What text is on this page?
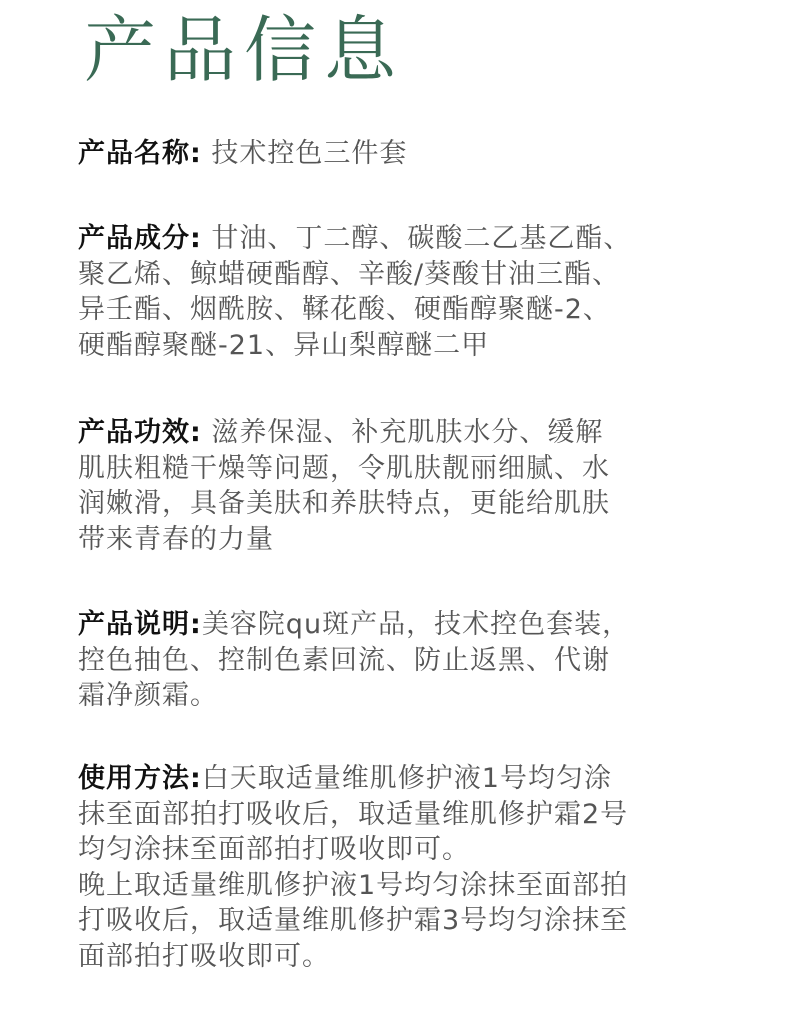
产品信息
产品名称: 技术控色三件套
产品成分: 甘油、丁二醇、碳酸二乙基乙酯、
聚乙烯、鲸蜡硬酯醇、辛酸/葵酸甘油三酯、
异壬酯、烟酰胺、鞣花酸、硬酯醇聚醚-2、
硬酯醇聚醚-21、异山梨醇醚二甲
产品功效: 滋养保湿、补充肌肤水分、缓解
肌肤粗糙干燥等问题，令肌肤靓丽细腻、水
润嫩滑，具备美肤和养肤特点，更能给肌肤
带来青春的力量
产品说明:美容院qu斑产品，技术控色套装，
控色抽色、控制色素回流、防止返黑、代谢
霜净颜霜。
使用方法:白天取适量维肌修护液1号均匀涂
抹至面部拍打吸收后，取适量维肌修护霜2号
均匀涂抹至面部拍打吸收即可。
晚上取适量维肌修护液1号均匀涂抹至面部拍
打吸收后，取适量维肌修护霜3号均匀涂抹至
面部拍打吸收即可。
